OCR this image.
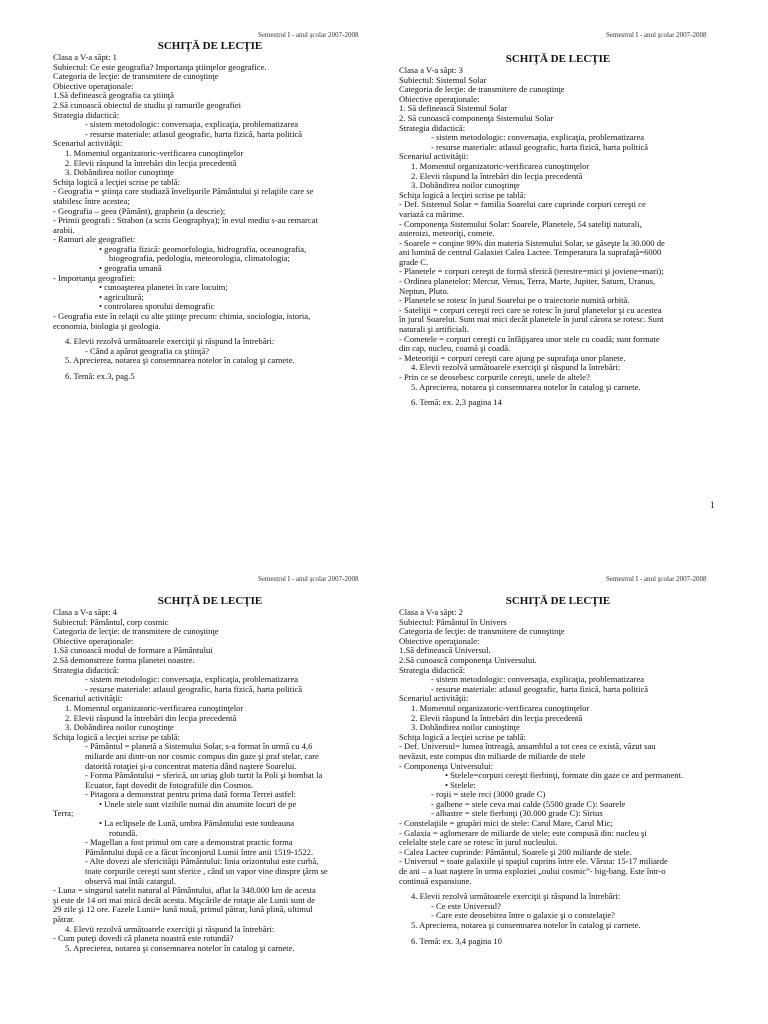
Semestrul I - anul şcolar 2007-2008	Semestrul I - anul şcolar 2007-2008
Semestrul I - anul şcolar 2007-2008	Semestrul I - anul şcolar 2007-2008
SCHIŢĂ DE LECŢIE
Clasa a V-a săpt: 1
Subiectul: Ce este geografia? Importanţa ştiinţelor geografice.
Categoria de lecţie: de transmitere de cunoştinţe
Obiective operaţionale:
1.Să definească geografia ca ştiinţă
2.Să cunoască obiectul de studiu şi ramurile geografiei
Strategia didactică:
- sistem metodologic: conversaţia, explicaţia, problematizarea
- resurse materiale: atlasul geografic, harta fizică, harta politică
Scenariul activităţii:
1. Momentul organizatoric-verificarea cunoştinţelor
2. Elevii răspund la întrebări din lecţia precedentă
3. Dobândirea noilor cunoştinţe
Schiţa logică a lecţiei scrise pe tablă:
- Geografia = ştiinţa care studiază învelişurile Pământului şi relaţiile care se
stabilesc între acestea;
- Geografia – geea (Pământ), graphein (a descrie);
- Primii geografi : Strabon (a scris Geographya); în evul mediu s-au remarcat
arabii.
- Ramuri ale geografiei:
• geografia fizică: geomorfologia, hidrografia, oceanografia,
biogeografia, pedologia, meteorologia, climatologia;
• geografia umană
- Importanţa geografiei:
• cunoaşterea planetei în care locuim;
• agricultură;
• controlarea sporului demografic
- Geografia este în relaţii cu alte ştiinţe precum: chimia, sociologia, istoria,
economia, biologia şi geologia.
4. Elevii rezolvă următoarele exerciţii şi răspund la întrebări:
- Când a apărut geografia ca ştiinţă?
5. Aprecierea, notarea şi consemnarea notelor în catalog şi carnete.
6. Temă: ex.3, pag.5
SCHIŢĂ DE LECŢIE
Clasa a V-a săpt: 3
Subiectul: Sistemul Solar
Categoria de lecţie: de transmitere de cunoştinţe
Obiective operaţionale:
1. Să definească Sistemul Solar
2. Să cunoască componenţa Sistemului Solar
Strategia didactică:
- sistem metodologic: conversaţia, explicaţia, problematizarea
- resurse materiale: atlasul geografic, harta fizică, harta politică
Scenariul activităţii:
1. Momentul organizatoric-verificarea cunoştinţelor
2. Elevii răspund la întrebări din lecţia precedentă
3. Dobândirea noilor cunoştinţe
Schiţa logică a lecţiei scrise pe tablă:
- Def. Sistemul Solar = familia Soarelui care cuprinde corpuri cereşti ce
variază ca mărime.
- Componenţa Sistemului Solar: Soarele, Planetele, 54 sateliţi naturali,
asteroizi, meteoriţi, comete.
- Soarele = conţine 99% din materia Sistemului Solar, se găseşte la 30.000 de
ani lumină de centrul Galaxiei Calea Lactee. Temperatura la suprafaţă=6000
grade C.
- Planetele = corpuri cereşti de formă sferică (terestre=mici şi joviene=mari);
- Ordinea planetelor: Mercur, Venus, Terra, Marte, Jupiter, Saturn, Uranus,
Neptun, Pluto.
- Planetele se rotesc în jurul Soarelui pe o traiectorie numită orbită.
- Sateliţii = corpuri cereşti reci care se rotesc în jurul planetelor şi cu acestea
în jurul Soarelui. Sunt mai mici decât planetele în jurul cărora se rotesc. Sunt
naturali şi artificiali.
- Cometele = corpuri cereşti cu înfăţişarea unor stele cu coadă; sunt formate
din cap, nucleu, coamă şi coadă.
- Meteoriţii = corpuri cereşti care ajung pe suprafaţa unor planete.
4. Elevii rezolvă următoarele exerciţii şi răspund la întrebări:
- Prin ce se deosebesc corpurile cereşti, unele de altele?
5. Aprecierea, notarea şi consemnarea notelor în catalog şi carnete.
6. Temă: ex. 2,3 pagina 14
1
SCHIŢĂ DE LECŢIE
Clasa a V-a săpt: 4
Subiectul: Pământul, corp cosmic
Categoria de lecţie: de transmitere de cunoştinţe
Obiective operaţionale:
1.Să cunoască modul de formare a Pământului
2.Să demonstreze forma planetei noastre.
Strategia didactică:
- sistem metodologic: conversaţia, explicaţia, problematizarea
- resurse materiale: atlasul geografic, harta fizică, harta politică
Scenariul activităţii:
1. Momentul organizatoric-verificarea cunoştinţelor
2. Elevii răspund la întrebări din lecţia precedentă
3. Dobândirea noilor cunoştinţe
Schiţa logică a lecţiei scrise pe tablă:
- Pământul = planetă a Sistemului Solar, s-a format în urmă cu 4,6
miliarde ani dintr-un nor cosmic compus din gaze şi praf stelar, care
datorită rotaţiei şi-a concentrat materia dând naştere Soarelui.
- Forma Pământului = sferică, un uriaş glob turtit la Poli şi bombat la
Ecuator, fapt dovedit de fotografiile din Cosmos.
- Pitagora a demonstrat pentru prima dată forma Terrei astfel:
• Unele stele sunt vizibile numai din anumite locuri de pe
Terra;
• La eclipsele de Lună, umbra Pământului este totdeauna
rotundă.
- Magellan a fost primul om care a demonstrat practic forma
Pământului după ce a făcut înconjorul Lumii între anii 1519-1522.
- Alte dovezi ale sfericităţii Pământului: linia orizontului este curbă,
toate corpurile cereşti sunt sferice , când un vapor vine dinspre ţărm se
observă mai întâi catargul.
- Luna = singurul satelit natural al Pământului, aflat la 348.000 km de acesta
şi este de 14 ori mai mică decât acesta. Mişcările de rotaţie ale Lunii sunt de
29 zile şi 12 ore. Fazele Lunii= lună nouă, primul pătrar, lună plină, ultimul
pătrar.
4. Elevii rezolvă următoarele exerciţii şi răspund la întrebări:
- Cum puteţi dovedi că planeta noastră este rotundă?
5. Aprecierea, notarea şi consemnarea notelor în catalog şi carnete.
SCHIŢĂ DE LECŢIE
Clasa a V-a săpt: 2
Subiectul: Pământul în Univers
Categoria de lecţie: de transmitere de cunoştinţe
Obiective operaţionale:
1.Să definească Universul.
2.Să cunoască componenţa Universului.
Strategia didactică:
- sistem metodologic: conversaţia, explicaţia, problematizarea
- resurse materiale: atlasul geografic, harta fizică, harta politică
Scenariul activităţii:
1. Momentul organizatoric-verificarea cunoştinţelor
2. Elevii răspund la întrebări din lecţia precedentă
3. Dobândirea noilor cunoştinţe
Schiţa logică a lecţiei scrise pe tablă:
- Def. Universul= lumea întreagă, ansamblul a tot ceea ce există, văzut sau
nevăzut, este compus din miliarde de miliarde de stele
- Componenţa Universului:
• Stelele=corpuri cereşti fierbinţi, formate din gaze ce ard permanent.
• Stelele:
- roşii = stele reci (3000 grade C)
- galbene = stele ceva mai calde (5500 grade C): Soarele
- albastre = stele fierbinţi (30.000 grade C): Sirius
- Constelaţiile = grupări mici de stele: Carul Mare, Carul Mic;
- Galaxia = aglomerare de miliarde de stele; este compusă din: nucleu şi
celelalte stele care se rotesc în jurul nucleului.
- Calea Lactee cuprinde: Pământul, Soarele şi 200 miliarde de stele.
- Universul = toate galaxiile şi spaţiul cuprins între ele. Vârsta: 15-17 miliarde
de ani – a luat naştere în urma exploziei „oului cosmic”- big-bang. Este într-o
continuă expansiune.
4. Elevii rezolvă următoarele exerciţii şi răspund la întrebări:
- Ce este Universul?
- Care este deosebirea între o galaxie şi o constelaţie?
5. Aprecierea, notarea şi consemnarea notelor în catalog şi carnete.
6. Temă: ex. 3,4 pagina 10
